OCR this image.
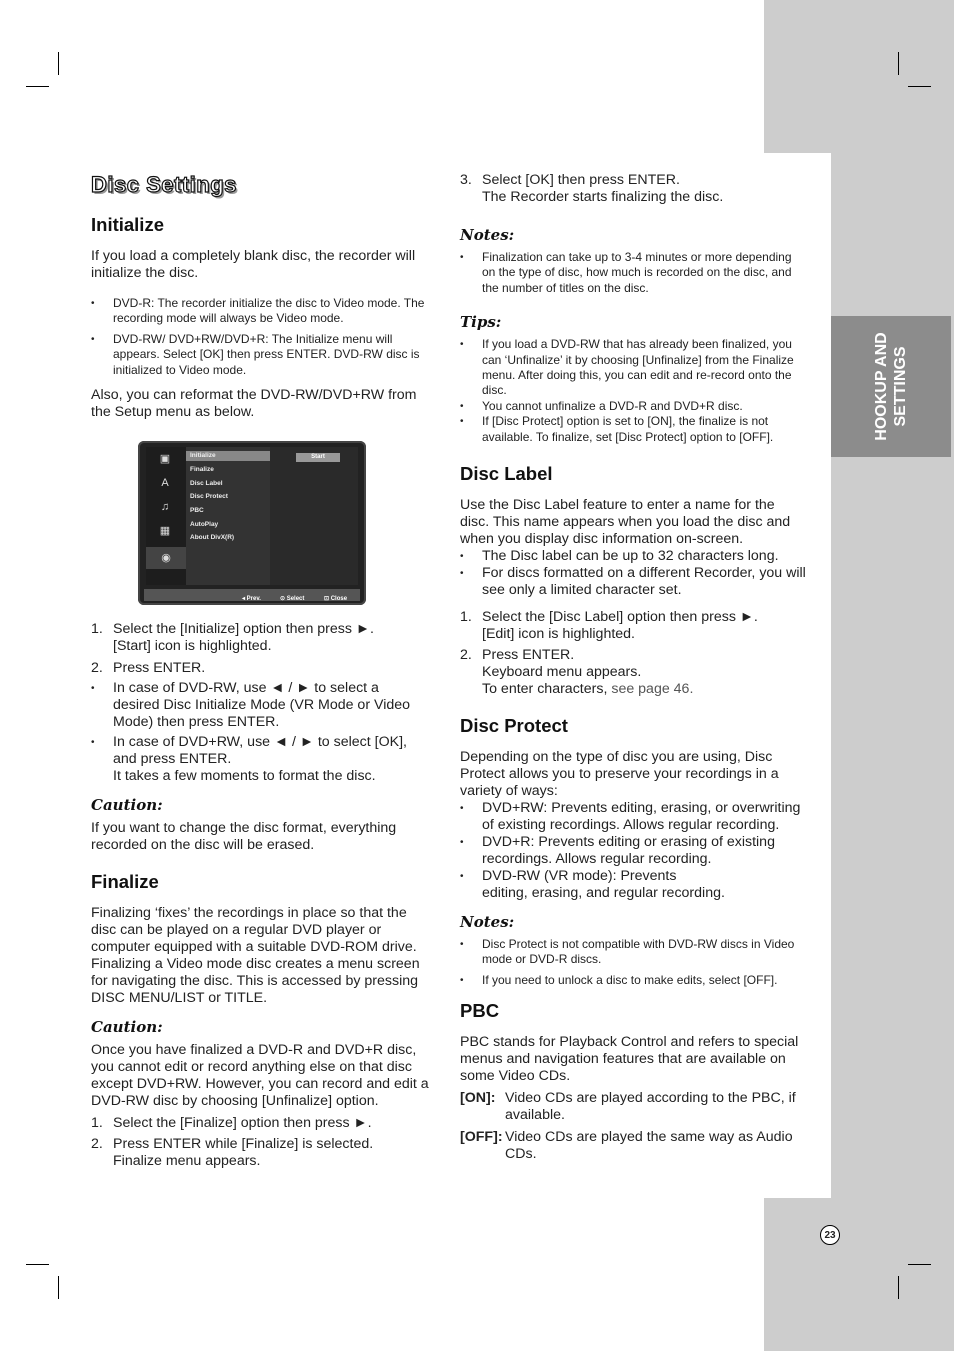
HOOKUP AND SETTINGS
23
Disc Settings
Initialize

If you load a completely blank disc, the recorder will initialize the disc.

• DVD-R: The recorder initialize the disc to Video mode. The recording mode will always be Video mode.
• DVD-RW/ DVD+RW/DVD+R: The Initialize menu will appears. Select [OK] then press ENTER. DVD-RW disc is initialized to Video mode.

Also, you can reformat the DVD-RW/DVD+RW from the Setup menu as below.

▣
A
♫
▦
◉
Initialize
Finalize
Disc Label
Disc Protect
PBC
AutoPlay
About DivX(R)
Start
◂ Prev.	⊙ Select	⊡ Close
1. Select the [Initialize] option then press ►.

[Start] icon is highlighted.

2. Press ENTER.

• In case of DVD-RW, use ◄ / ► to select a desired Disc Initialize Mode (VR Mode or Video Mode) then press ENTER.

• In case of DVD+RW, use ◄ / ► to select [OK], and press ENTER.

It takes a few moments to format the disc.

Caution:

If you want to change the disc format, everything recorded on the disc will be erased.

Finalize

Finalizing ‘fixes’ the recordings in place so that the disc can be played on a regular DVD player or computer equipped with a suitable DVD-ROM drive. Finalizing a Video mode disc creates a menu screen for navigating the disc. This is accessed by pressing DISC MENU/LIST or TITLE.

Caution:

Once you have finalized a DVD-R and DVD+R disc, you cannot edit or record anything else on that disc except DVD+RW. However, you can record and edit a DVD-RW disc by choosing [Unfinalize] option.

1. Select the [Finalize] option then press ►.

2. Press ENTER while [Finalize] is selected.

Finalize menu appears.

3. Select [OK] then press ENTER.

The Recorder starts finalizing the disc.

Notes:
• Finalization can take up to 3-4 minutes or more depending on the type of disc, how much is recorded on the disc, and the number of titles on the disc.
Tips:
• If you load a DVD-RW that has already been finalized, you can ‘Unfinalize’ it by choosing [Unfinalize] from the Finalize menu. After doing this, you can edit and re-record onto the disc.
• You cannot unfinalize a DVD-R and DVD+R disc.
• If [Disc Protect] option is set to [ON], the finalize is not available. To finalize, set [Disc Protect] option to [OFF].
Disc Label

Use the Disc Label feature to enter a name for the disc. This name appears when you load the disc and when you display disc information on-screen.

• The Disc label can be up to 32 characters long.
• For discs formatted on a different Recorder, you will see only a limited character set.
1. Select the [Disc Label] option then press ►.

[Edit] icon is highlighted.

2. Press ENTER.

Keyboard menu appears.

To enter characters, see page 46.

Disc Protect

Depending on the type of disc you are using, Disc Protect allows you to preserve your recordings in a variety of ways:

• DVD+RW: Prevents editing, erasing, or overwriting of existing recordings. Allows regular recording.
• DVD+R: Prevents editing or erasing of existing recordings. Allows regular recording.
• DVD-RW (VR mode): Prevents editing, erasing, and regular recording.
Notes:
• Disc Protect is not compatible with DVD-RW discs in Video mode or DVD-R discs.
• If you need to unlock a disc to make edits, select [OFF].
PBC

PBC stands for Playback Control and refers to special menus and navigation features that are available on some Video CDs.

[ON]: Video CDs are played according to the PBC, if available.

[OFF]: Video CDs are played the same way as Audio CDs.
